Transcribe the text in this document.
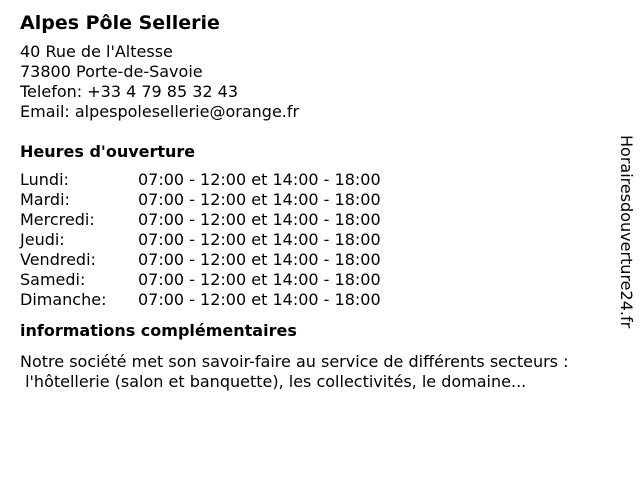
Alpes Pôle Sellerie
40 Rue de l'Altesse
73800 Porte-de-Savoie
Telefon: +33 4 79 85 32 43
Email: alpespolesellerie@orange.fr
Heures d'ouverture
Lundi:	07:00 - 12:00 et 14:00 - 18:00
Mardi:	07:00 - 12:00 et 14:00 - 18:00
Mercredi:	07:00 - 12:00 et 14:00 - 18:00
Jeudi:	07:00 - 12:00 et 14:00 - 18:00
Vendredi:	07:00 - 12:00 et 14:00 - 18:00
Samedi:	07:00 - 12:00 et 14:00 - 18:00
Dimanche:	07:00 - 12:00 et 14:00 - 18:00
informations complémentaires
Notre société met son savoir-faire au service de différents secteurs :
l'hôtellerie (salon et banquette), les collectivités, le domaine...
Horairesdouverture24.fr
